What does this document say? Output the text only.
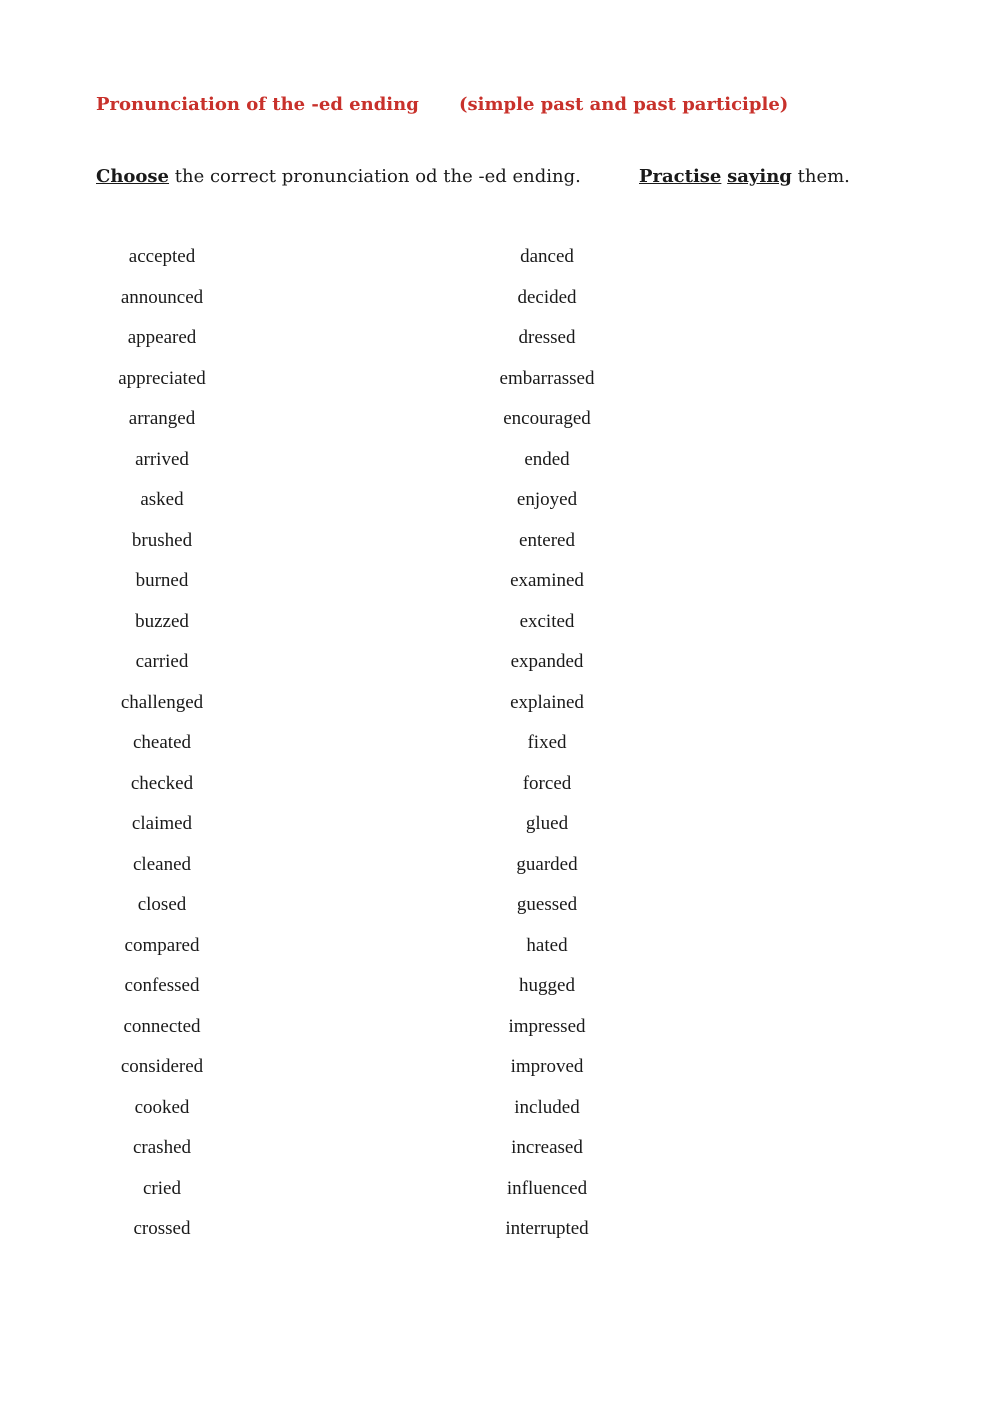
Pronunciation of the -ed ending (simple past and past participle)
Choose the correct pronunciation od the -ed ending.	Practise saying them.
accepted
announced
appeared
appreciated
arranged
arrived
asked
brushed
burned
buzzed
carried
challenged
cheated
checked
claimed
cleaned
closed
compared
confessed
connected
considered
cooked
crashed
cried
crossed
danced
decided
dressed
embarrassed
encouraged
ended
enjoyed
entered
examined
excited
expanded
explained
fixed
forced
glued
guarded
guessed
hated
hugged
impressed
improved
included
increased
influenced
interrupted
